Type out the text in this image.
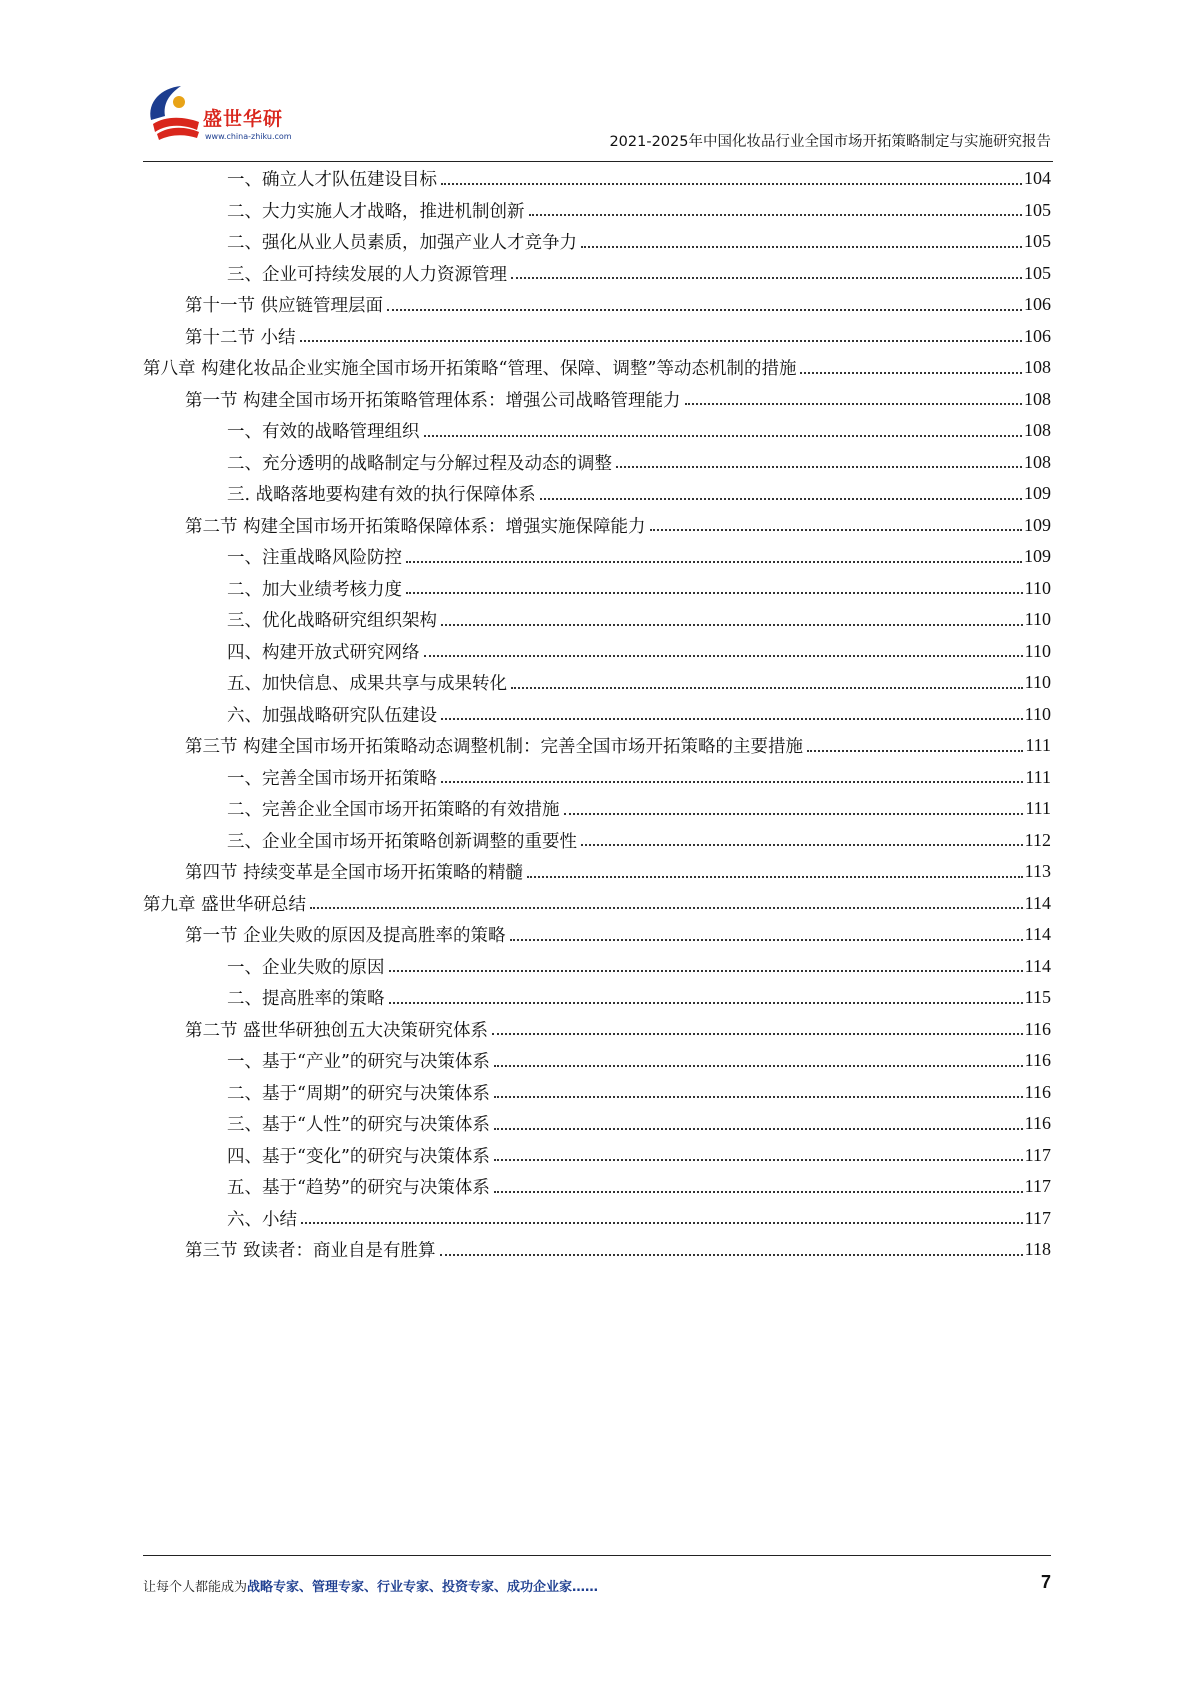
盛世华研
www.china-zhiku.com	2021-2025年中国化妆品行业全国市场开拓策略制定与实施研究报告
一、确立人才队伍建设目标	104
二、大力实施人才战略，推进机制创新	105
二、强化从业人员素质，加强产业人才竞争力	105
三、企业可持续发展的人力资源管理	105
第十一节 供应链管理层面	106
第十二节 小结	106
第八章 构建化妆品企业实施全国市场开拓策略“管理、保障、调整”等动态机制的措施	108
第一节 构建全国市场开拓策略管理体系：增强公司战略管理能力	108
一、有效的战略管理组织	108
二、充分透明的战略制定与分解过程及动态的调整	108
三. 战略落地要构建有效的执行保障体系	109
第二节 构建全国市场开拓策略保障体系：增强实施保障能力	109
一、注重战略风险防控	109
二、加大业绩考核力度	110
三、优化战略研究组织架构	110
四、构建开放式研究网络	110
五、加快信息、成果共享与成果转化	110
六、加强战略研究队伍建设	110
第三节 构建全国市场开拓策略动态调整机制：完善全国市场开拓策略的主要措施	111
一、完善全国市场开拓策略	111
二、完善企业全国市场开拓策略的有效措施	111
三、企业全国市场开拓策略创新调整的重要性	112
第四节 持续变革是全国市场开拓策略的精髓	113
第九章 盛世华研总结	114
第一节 企业失败的原因及提高胜率的策略	114
一、企业失败的原因	114
二、提高胜率的策略	115
第二节 盛世华研独创五大决策研究体系	116
一、基于“产业”的研究与决策体系	116
二、基于“周期”的研究与决策体系	116
三、基于“人性”的研究与决策体系	116
四、基于“变化”的研究与决策体系	117
五、基于“趋势”的研究与决策体系	117
六、小结	117
第三节 致读者：商业自是有胜算	118
让每个人都能成为战略专家、管理专家、行业专家、投资专家、成功企业家……	7
